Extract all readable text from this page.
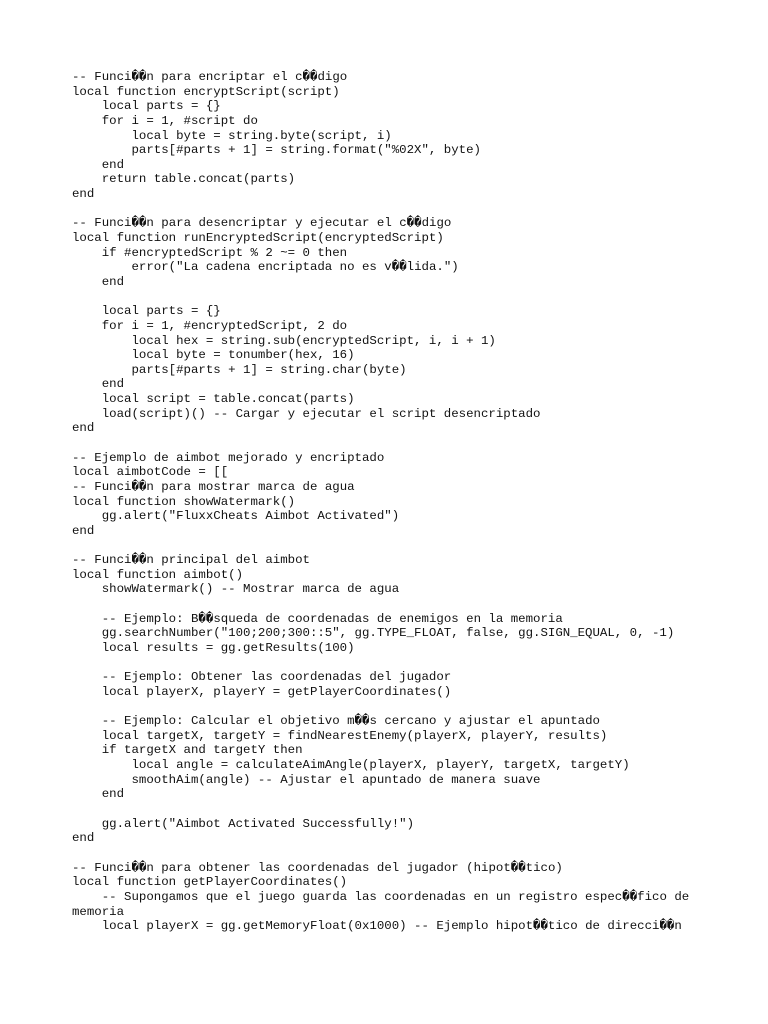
-- Funci��n para encriptar el c��digo
local function encryptScript(script)
local parts = {}
for i = 1, #script do
local byte = string.byte(script, i)
parts[#parts + 1] = string.format("%02X", byte)
end
return table.concat(parts)
end
-- Funci��n para desencriptar y ejecutar el c��digo
local function runEncryptedScript(encryptedScript)
if #encryptedScript % 2 ~= 0 then
error("La cadena encriptada no es v��lida.")
end
local parts = {}
for i = 1, #encryptedScript, 2 do
local hex = string.sub(encryptedScript, i, i + 1)
local byte = tonumber(hex, 16)
parts[#parts + 1] = string.char(byte)
end
local script = table.concat(parts)
load(script)() -- Cargar y ejecutar el script desencriptado
end
-- Ejemplo de aimbot mejorado y encriptado
local aimbotCode = [[
-- Funci��n para mostrar marca de agua
local function showWatermark()
gg.alert("FluxxCheats Aimbot Activated")
end
-- Funci��n principal del aimbot
local function aimbot()
showWatermark() -- Mostrar marca de agua
-- Ejemplo: B��squeda de coordenadas de enemigos en la memoria
gg.searchNumber("100;200;300::5", gg.TYPE_FLOAT, false, gg.SIGN_EQUAL, 0, -1)
local results = gg.getResults(100)
-- Ejemplo: Obtener las coordenadas del jugador
local playerX, playerY = getPlayerCoordinates()
-- Ejemplo: Calcular el objetivo m��s cercano y ajustar el apuntado
local targetX, targetY = findNearestEnemy(playerX, playerY, results)
if targetX and targetY then
local angle = calculateAimAngle(playerX, playerY, targetX, targetY)
smoothAim(angle) -- Ajustar el apuntado de manera suave
end
gg.alert("Aimbot Activated Successfully!")
end
-- Funci��n para obtener las coordenadas del jugador (hipot��tico)
local function getPlayerCoordinates()
-- Supongamos que el juego guarda las coordenadas en un registro espec��fico de
memoria
local playerX = gg.getMemoryFloat(0x1000) -- Ejemplo hipot��tico de direcci��n
